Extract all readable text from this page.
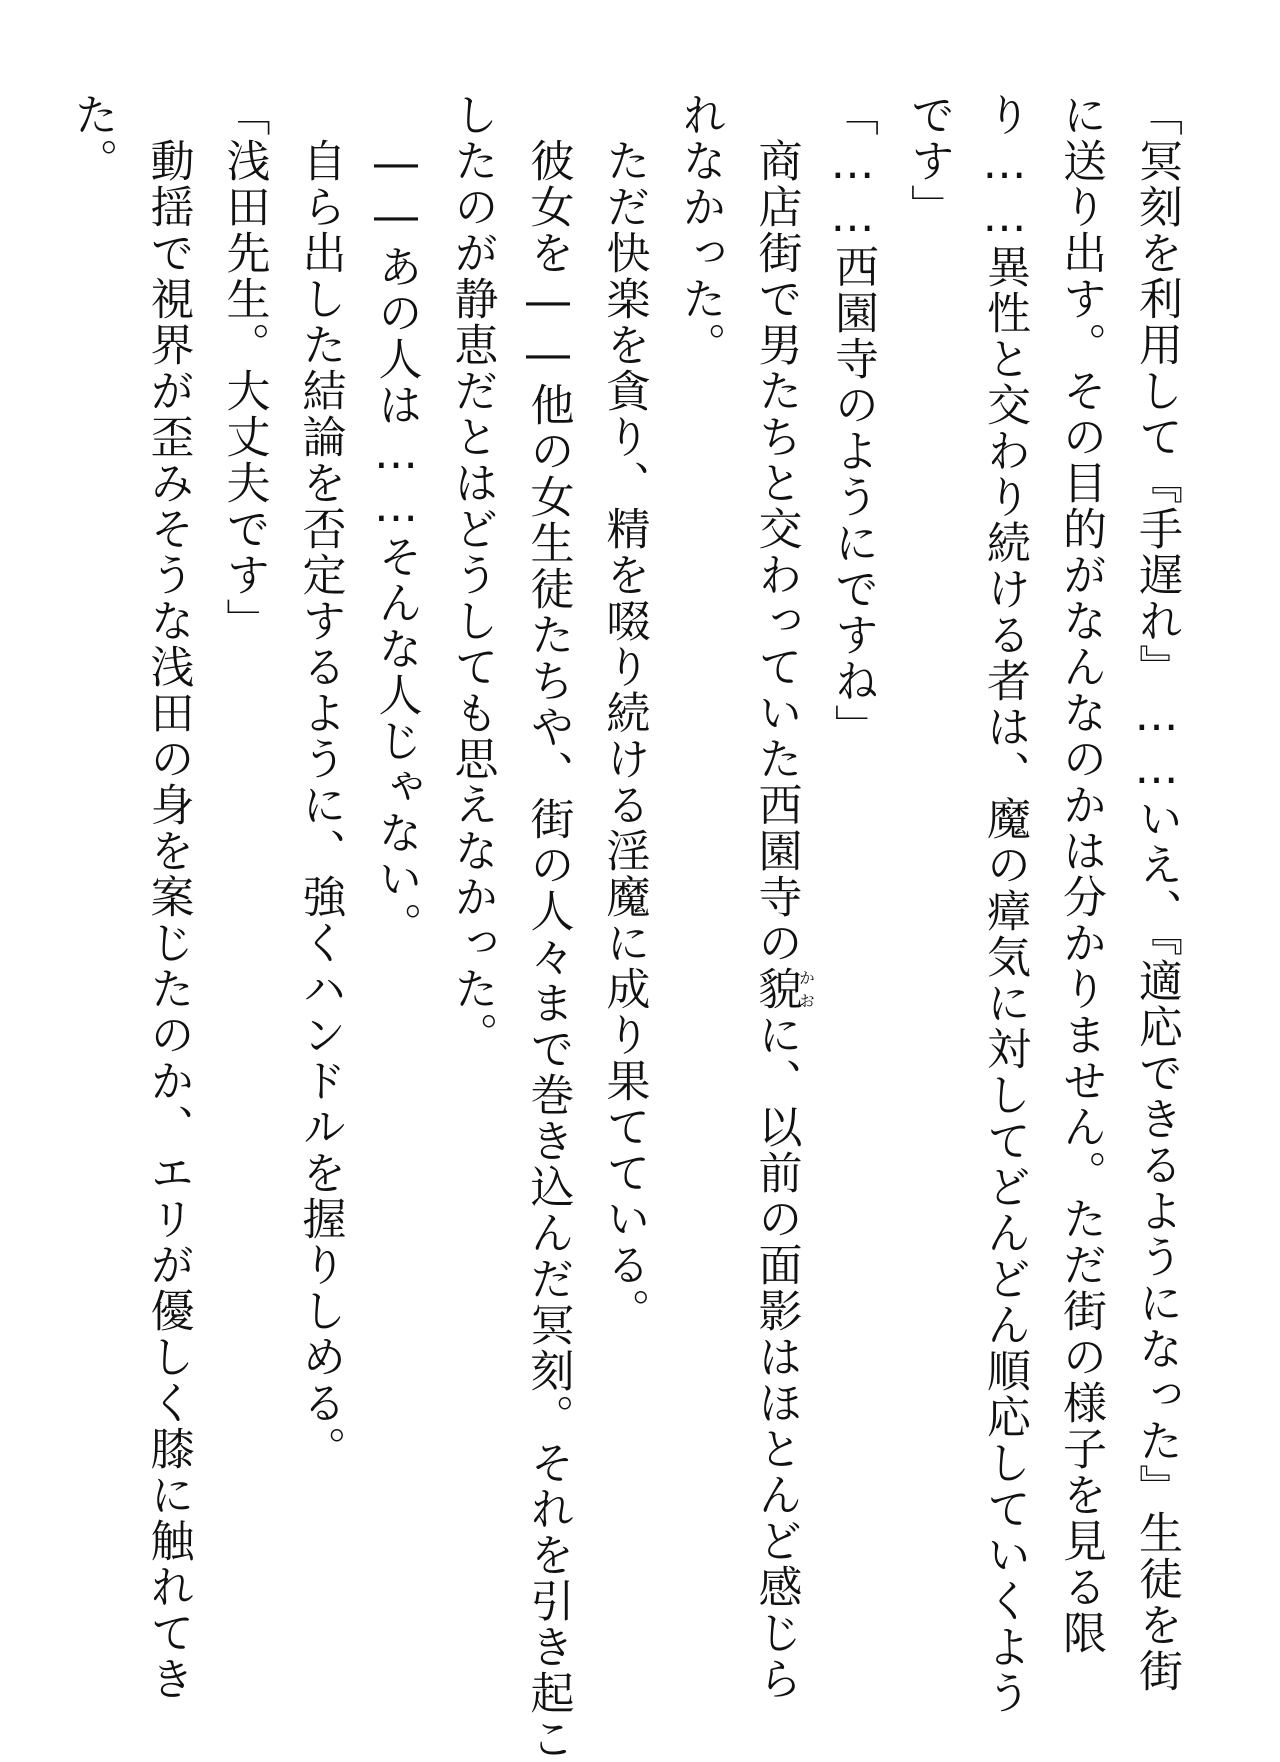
「冥刻を利用して『手遅れ』……いえ、『適応できるようになった』生徒を街
に送り出す。その目的がなんなのかは分かりません。ただ街の様子を見る限
り……異性と交わり続ける者は、魔の瘴気に対してどんどん順応していくよう
です」
「……西園寺のようにですね」
　商店街で男たちと交わっていた西園寺の貌かおに、以前の面影はほとんど感じら
れなかった。
　ただ快楽を貪り、精を啜り続ける淫魔に成り果てている。
　彼女を――他の女生徒たちや、街の人々まで巻き込んだ冥刻。それを引き起こ
したのが静恵だとはどうしても思えなかった。
　――あの人は……そんな人じゃない。
　自ら出した結論を否定するように、強くハンドルを握りしめる。
「浅田先生。大丈夫です」
　動揺で視界が歪みそうな浅田の身を案じたのか、エリが優しく膝に触れてき
た。
